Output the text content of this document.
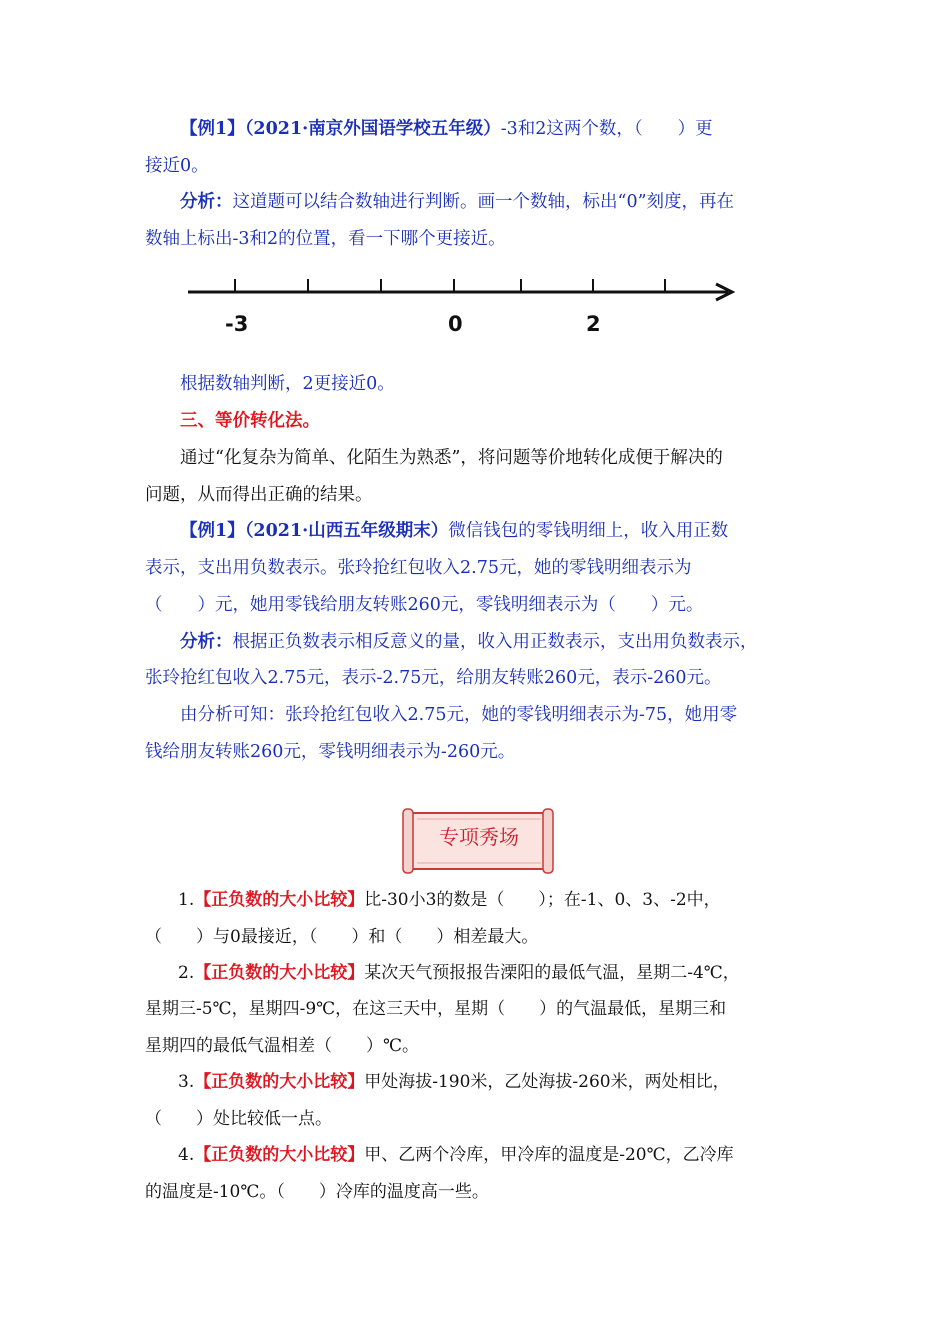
【例1】（2021·南京外国语学校五年级）-3和2这两个数，（　　）更
接近0。
分析：这道题可以结合数轴进行判断。画一个数轴，标出“0”刻度，再在
数轴上标出-3和2的位置，看一下哪个更接近。
-3	0	2
根据数轴判断，2更接近0。
三、等价转化法。
通过“化复杂为简单、化陌生为熟悉”，将问题等价地转化成便于解决的
问题，从而得出正确的结果。
【例1】（2021·山西五年级期末）微信钱包的零钱明细上，收入用正数
表示，支出用负数表示。张玲抢红包收入2.75元，她的零钱明细表示为
（　　）元，她用零钱给朋友转账260元，零钱明细表示为（　　）元。
分析：根据正负数表示相反意义的量，收入用正数表示，支出用负数表示，
张玲抢红包收入2.75元，表示-2.75元，给朋友转账260元，表示-260元。
由分析可知：张玲抢红包收入2.75元，她的零钱明细表示为-75，她用零
钱给朋友转账260元，零钱明细表示为-260元。
专项秀场
1.【正负数的大小比较】比-30小3的数是（　　）；在-1、0、3、-2中，
（　　）与0最接近，（　　）和（　　）相差最大。
2.【正负数的大小比较】某次天气预报报告溧阳的最低气温，星期二-4℃，
星期三-5℃，星期四-9℃，在这三天中，星期（　　）的气温最低，星期三和
星期四的最低气温相差（　　）℃。
3.【正负数的大小比较】甲处海拔-190米，乙处海拔-260米，两处相比，
（　　）处比较低一点。
4.【正负数的大小比较】甲、乙两个冷库，甲冷库的温度是-20℃，乙冷库
的温度是-10℃。（　　）冷库的温度高一些。
